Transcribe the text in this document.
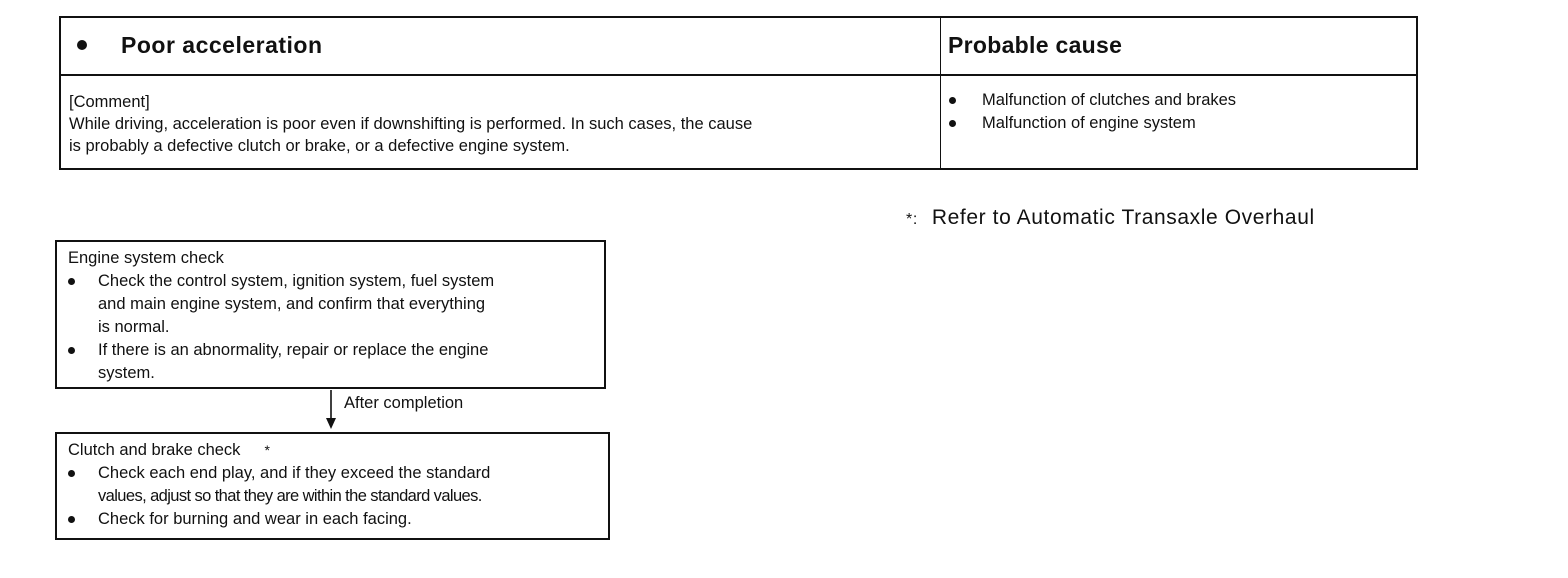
Poor acceleration	Probable cause
[Comment]
While driving, acceleration is poor even if downshifting is performed. In such cases, the cause
is probably a defective clutch or brake, or a defective engine system.
Malfunction of clutches and brakes
Malfunction of engine system
*: Refer to Automatic Transaxle Overhaul
Engine system check
Check the control system, ignition system, fuel system
and main engine system, and confirm that everything
is normal.
If there is an abnormality, repair or replace the engine
system.
After completion
Clutch and brake check *
Check each end play, and if they exceed the standard
values, adjust so that they are within the standard values.
Check for burning and wear in each facing.
